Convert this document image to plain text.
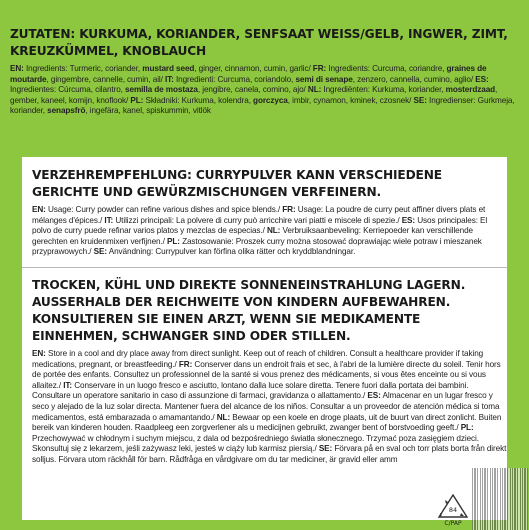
ZUTATEN: KURKUMA, KORIANDER, SENFSAAT WEISS/GELB, INGWER, ZIMT, KREUZKÜMMEL, KNOBLAUCH

EN: Ingredients: Turmeric, coriander, mustard seed, ginger, cinnamon, cumin, garlic/ FR: Ingredients: Curcuma, coriandre, graines de moutarde, gingembre, cannelle, cumin, ail/ IT: Ingredienti: Curcuma, coriandolo, semi di senape, zenzero, cannella, cumino, aglio/ ES: Ingredientes: Cúrcuma, cilantro, semilla de mostaza, jengibre, canela, comino, ajo/ NL: Ingrediënten: Kurkuma, koriander, mosterdzaad, gember, kaneel, komijn, knoflook/ PL: Składniki: Kurkuma, kolendra, gorczyca, imbir, cynamon, kminek, czosnek/ SE: Ingredienser: Gurkmeja, koriander, senapsfrö, ingefära, kanel, spiskummin, vitlök

VERZEHREMPFEHLUNG: CURRYPULVER KANN VERSCHIEDENE GERICHTE UND GEWÜRZMISCHUNGEN VERFEINERN.

EN: Usage: Curry powder can refine various dishes and spice blends./ FR: Usage: La poudre de curry peut affiner divers plats et mélanges d'épices./ IT: Utilizzi principali: La polvere di curry può arricchire vari piatti e miscele di spezie./ ES: Usos principales: El polvo de curry puede refinar varios platos y mezclas de especias./ NL: Verbruiksaanbeveling: Kerriepoeder kan verschillende gerechten en kruidenmixen verfijnen./ PL: Zastosowanie: Proszek curry można stosować doprawiając wiele potraw i mieszanek przyprawowych./ SE: Användning: Currypulver kan förfina olika rätter och kryddblandningar.

TROCKEN, KÜHL UND DIREKTE SONNENEINSTRAHLUNG LAGERN. AUSSERHALB DER REICHWEITE VON KINDERN AUFBEWAHREN. KONSULTIEREN SIE EINEN ARZT, WENN SIE MEDIKAMENTE EINNEHMEN, SCHWANGER SIND ODER STILLEN.

EN: Store in a cool and dry place away from direct sunlight. Keep out of reach of children. Consult a healthcare provider if taking medications, pregnant, or breastfeeding./ FR: Conserver dans un endroit frais et sec, à l'abri de la lumière directe du soleil. Tenir hors de portée des enfants. Consultez un professionnel de la santé si vous prenez des médicaments, si vous êtes enceinte ou si vous allaitez./ IT: Conservare in un luogo fresco e asciutto, lontano dalla luce solare diretta. Tenere fuori dalla portata dei bambini. Consultare un operatore sanitario in caso di assunzione di farmaci, gravidanza o allattamento./ ES: Almacenar en un lugar fresco y seco y alejado de la luz solar directa. Mantener fuera del alcance de los niños. Consultar a un proveedor de atención médica si toma medicamentos, está embarazada o amamantando./ NL: Bewaar op een koele en droge plaats, uit de buurt van direct zonlicht. Buiten bereik van kinderen houden. Raadpleeg een zorgverlener als u medicijnen gebruikt, zwanger bent of borstvoeding geeft./ PL: Przechowywać w chłodnym i suchym miejscu, z dala od bezpośredniego światła słonecznego. Trzymać poza zasięgiem dzieci. Skonsultuj się z lekarzem, jeśli zażywasz leki, jesteś w ciąży lub karmisz piersią./ SE: Förvara på en sval och torr plats borta från direkt solljus. Förvara utom räckhåll för barn. Rådfråga en vårdgivare om du tar mediciner, är gravid eller amm

84
C/PAP
